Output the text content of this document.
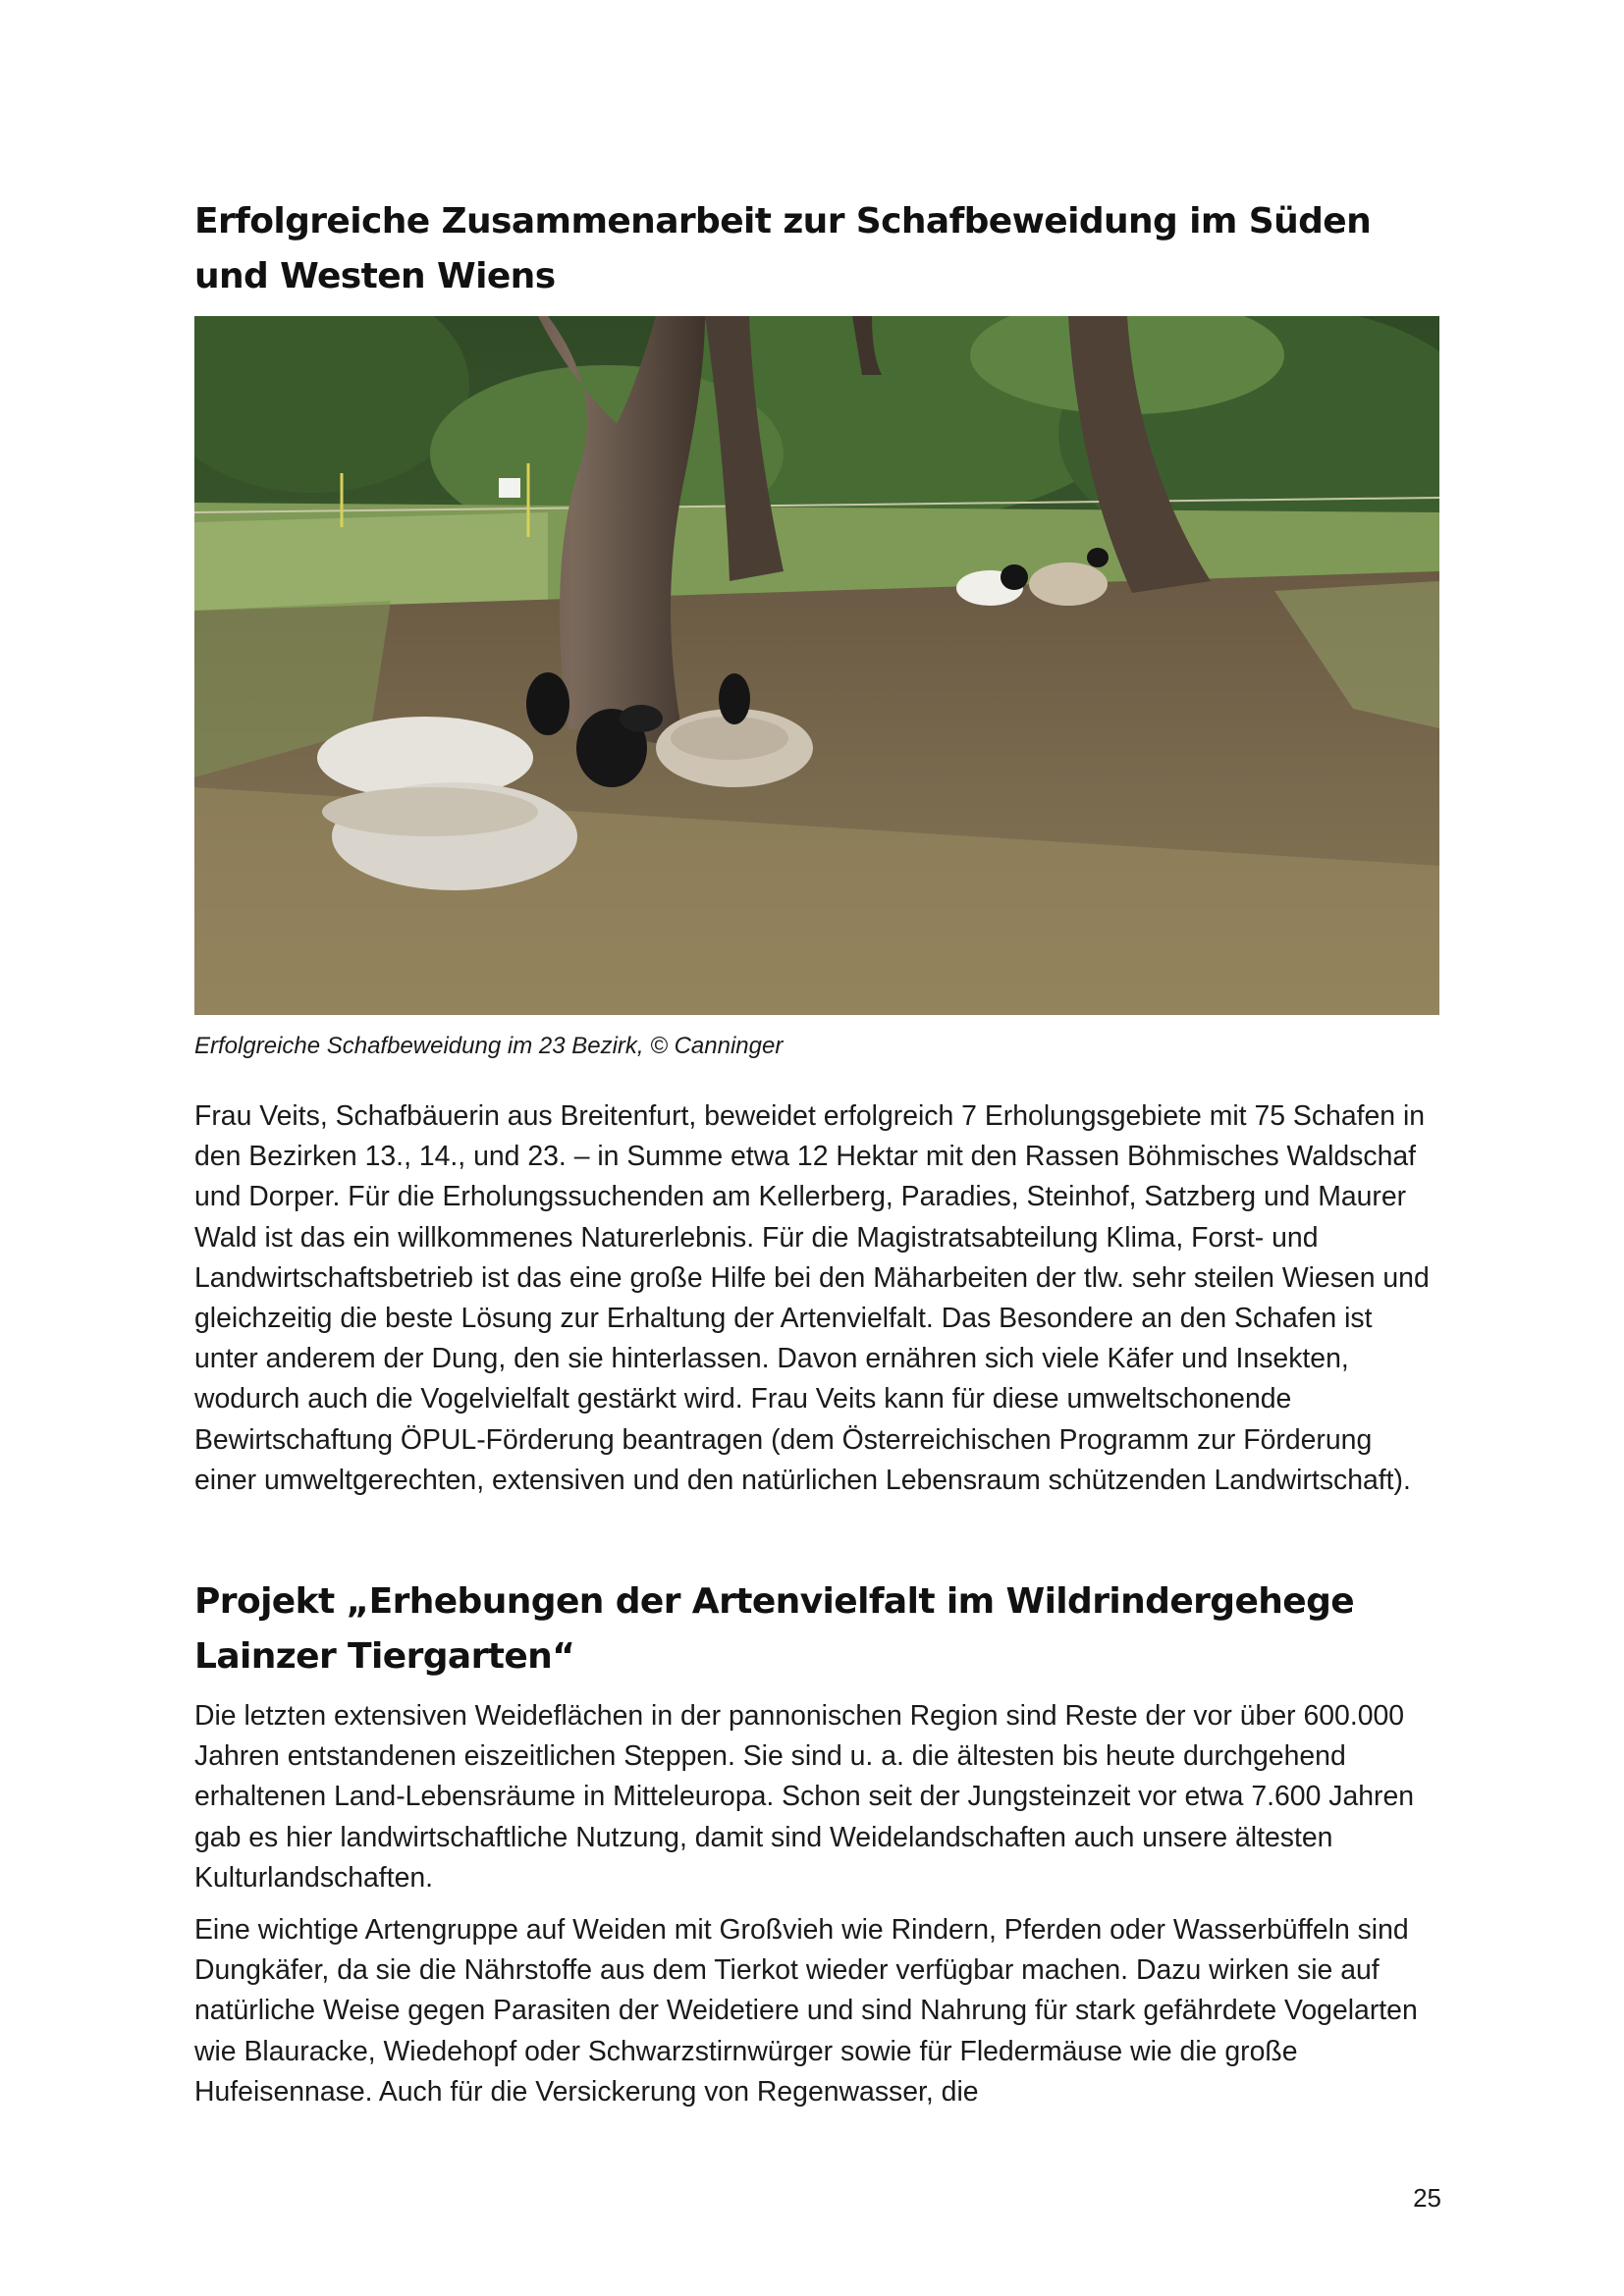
Erfolgreiche Zusammenarbeit zur Schafbeweidung im Süden und Westen Wiens

Erfolgreiche Schafbeweidung im 23 Bezirk, © Canninger

Frau Veits, Schafbäuerin aus Breitenfurt, beweidet erfolgreich 7 Erholungsgebiete mit 75 Schafen in den Bezirken 13., 14., und 23. – in Summe etwa 12 Hektar mit den Rassen Böhmisches Waldschaf und Dorper. Für die Erholungssuchenden am Kellerberg, Paradies, Steinhof, Satzberg und Maurer Wald ist das ein willkommenes Naturerlebnis. Für die Magistratsabteilung Klima, Forst- und Landwirtschaftsbetrieb ist das eine große Hilfe bei den Mäharbeiten der tlw. sehr steilen Wiesen und gleichzeitig die beste Lösung zur Erhaltung der Artenvielfalt. Das Besondere an den Schafen ist unter anderem der Dung, den sie hinterlassen. Davon ernähren sich viele Käfer und Insekten, wodurch auch die Vogelvielfalt gestärkt wird. Frau Veits kann für diese umweltschonende Bewirtschaftung ÖPUL-Förderung beantragen (dem Österreichischen Programm zur Förderung einer umweltgerechten, extensiven und den natürlichen Lebensraum schützenden Landwirtschaft).

Projekt „Erhebungen der Artenvielfalt im Wildrindergehege Lainzer Tiergarten“

Die letzten extensiven Weideflächen in der pannonischen Region sind Reste der vor über 600.000 Jahren entstandenen eiszeitlichen Steppen. Sie sind u. a. die ältesten bis heute durchgehend erhaltenen Land-Lebensräume in Mitteleuropa. Schon seit der Jungsteinzeit vor etwa 7.600 Jahren gab es hier landwirtschaftliche Nutzung, damit sind Weidelandschaften auch unsere ältesten Kulturlandschaften.

Eine wichtige Artengruppe auf Weiden mit Großvieh wie Rindern, Pferden oder Wasserbüffeln sind Dungkäfer, da sie die Nährstoffe aus dem Tierkot wieder verfügbar machen. Dazu wirken sie auf natürliche Weise gegen Parasiten der Weidetiere und sind Nahrung für stark gefährdete Vogelarten wie Blauracke, Wiedehopf oder Schwarzstirnwürger sowie für Fledermäuse wie die große Hufeisennase. Auch für die Versickerung von Regenwasser, die

25
